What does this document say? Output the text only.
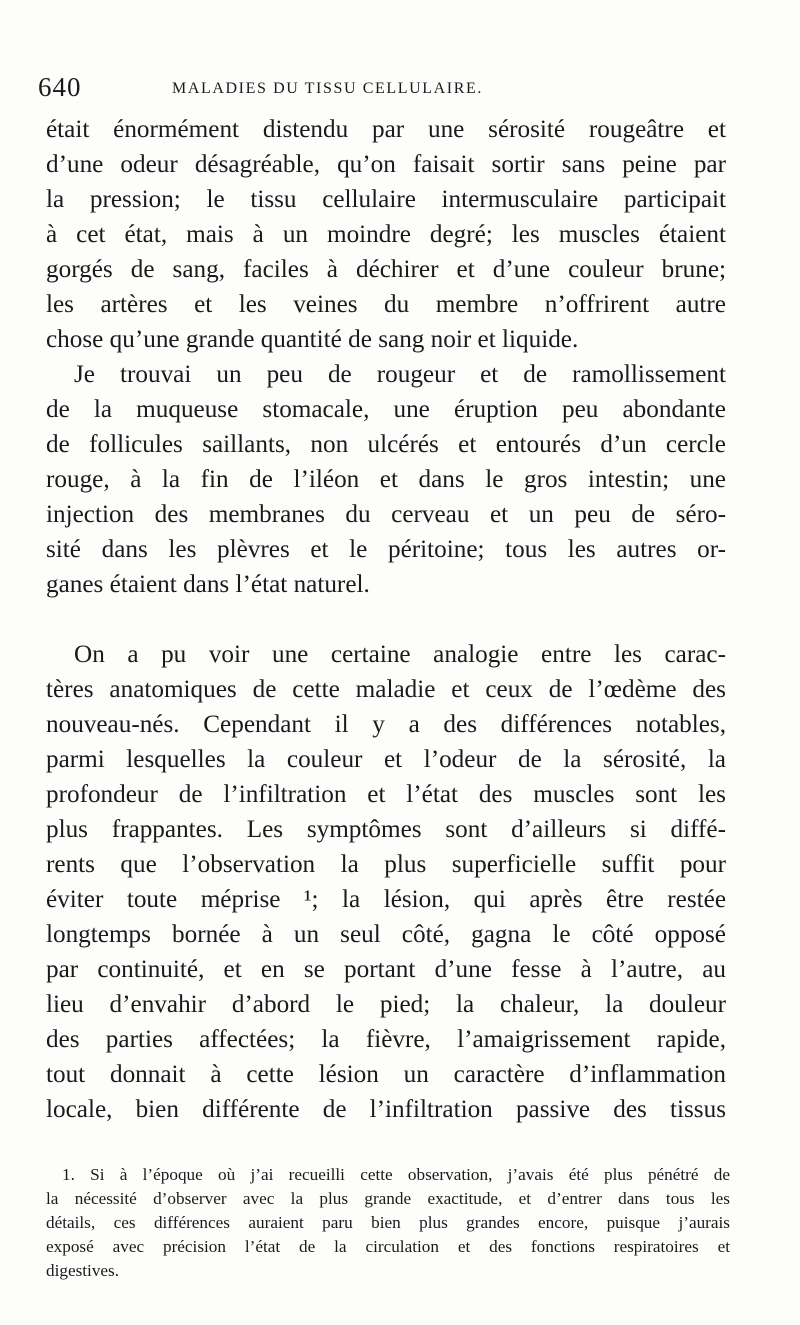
640	MALADIES DU TISSU CELLULAIRE.
était énormément distendu par une sérosité rougeâtre et
d’une odeur désagréable, qu’on faisait sortir sans peine par
la pression; le tissu cellulaire intermusculaire participait
à cet état, mais à un moindre degré; les muscles étaient
gorgés de sang, faciles à déchirer et d’une couleur brune;
les artères et les veines du membre n’offrirent autre
chose qu’une grande quantité de sang noir et liquide.
Je trouvai un peu de rougeur et de ramollissement
de la muqueuse stomacale, une éruption peu abondante
de follicules saillants, non ulcérés et entourés d’un cercle
rouge, à la fin de l’iléon et dans le gros intestin; une
injection des membranes du cerveau et un peu de séro-
sité dans les plèvres et le péritoine; tous les autres or-
ganes étaient dans l’état naturel.
On a pu voir une certaine analogie entre les carac-
tères anatomiques de cette maladie et ceux de l’œdème des
nouveau-nés. Cependant il y a des différences notables,
parmi lesquelles la couleur et l’odeur de la sérosité, la
profondeur de l’infiltration et l’état des muscles sont les
plus frappantes. Les symptômes sont d’ailleurs si diffé-
rents que l’observation la plus superficielle suffit pour
éviter toute méprise ¹; la lésion, qui après être restée
longtemps bornée à un seul côté, gagna le côté opposé
par continuité, et en se portant d’une fesse à l’autre, au
lieu d’envahir d’abord le pied; la chaleur, la douleur
des parties affectées; la fièvre, l’amaigrissement rapide,
tout donnait à cette lésion un caractère d’inflammation
locale, bien différente de l’infiltration passive des tissus
1. Si à l’époque où j’ai recueilli cette observation, j’avais été plus pénétré de
la nécessité d’observer avec la plus grande exactitude, et d’entrer dans tous les
détails, ces différences auraient paru bien plus grandes encore, puisque j’aurais
exposé avec précision l’état de la circulation et des fonctions respiratoires et
digestives.
